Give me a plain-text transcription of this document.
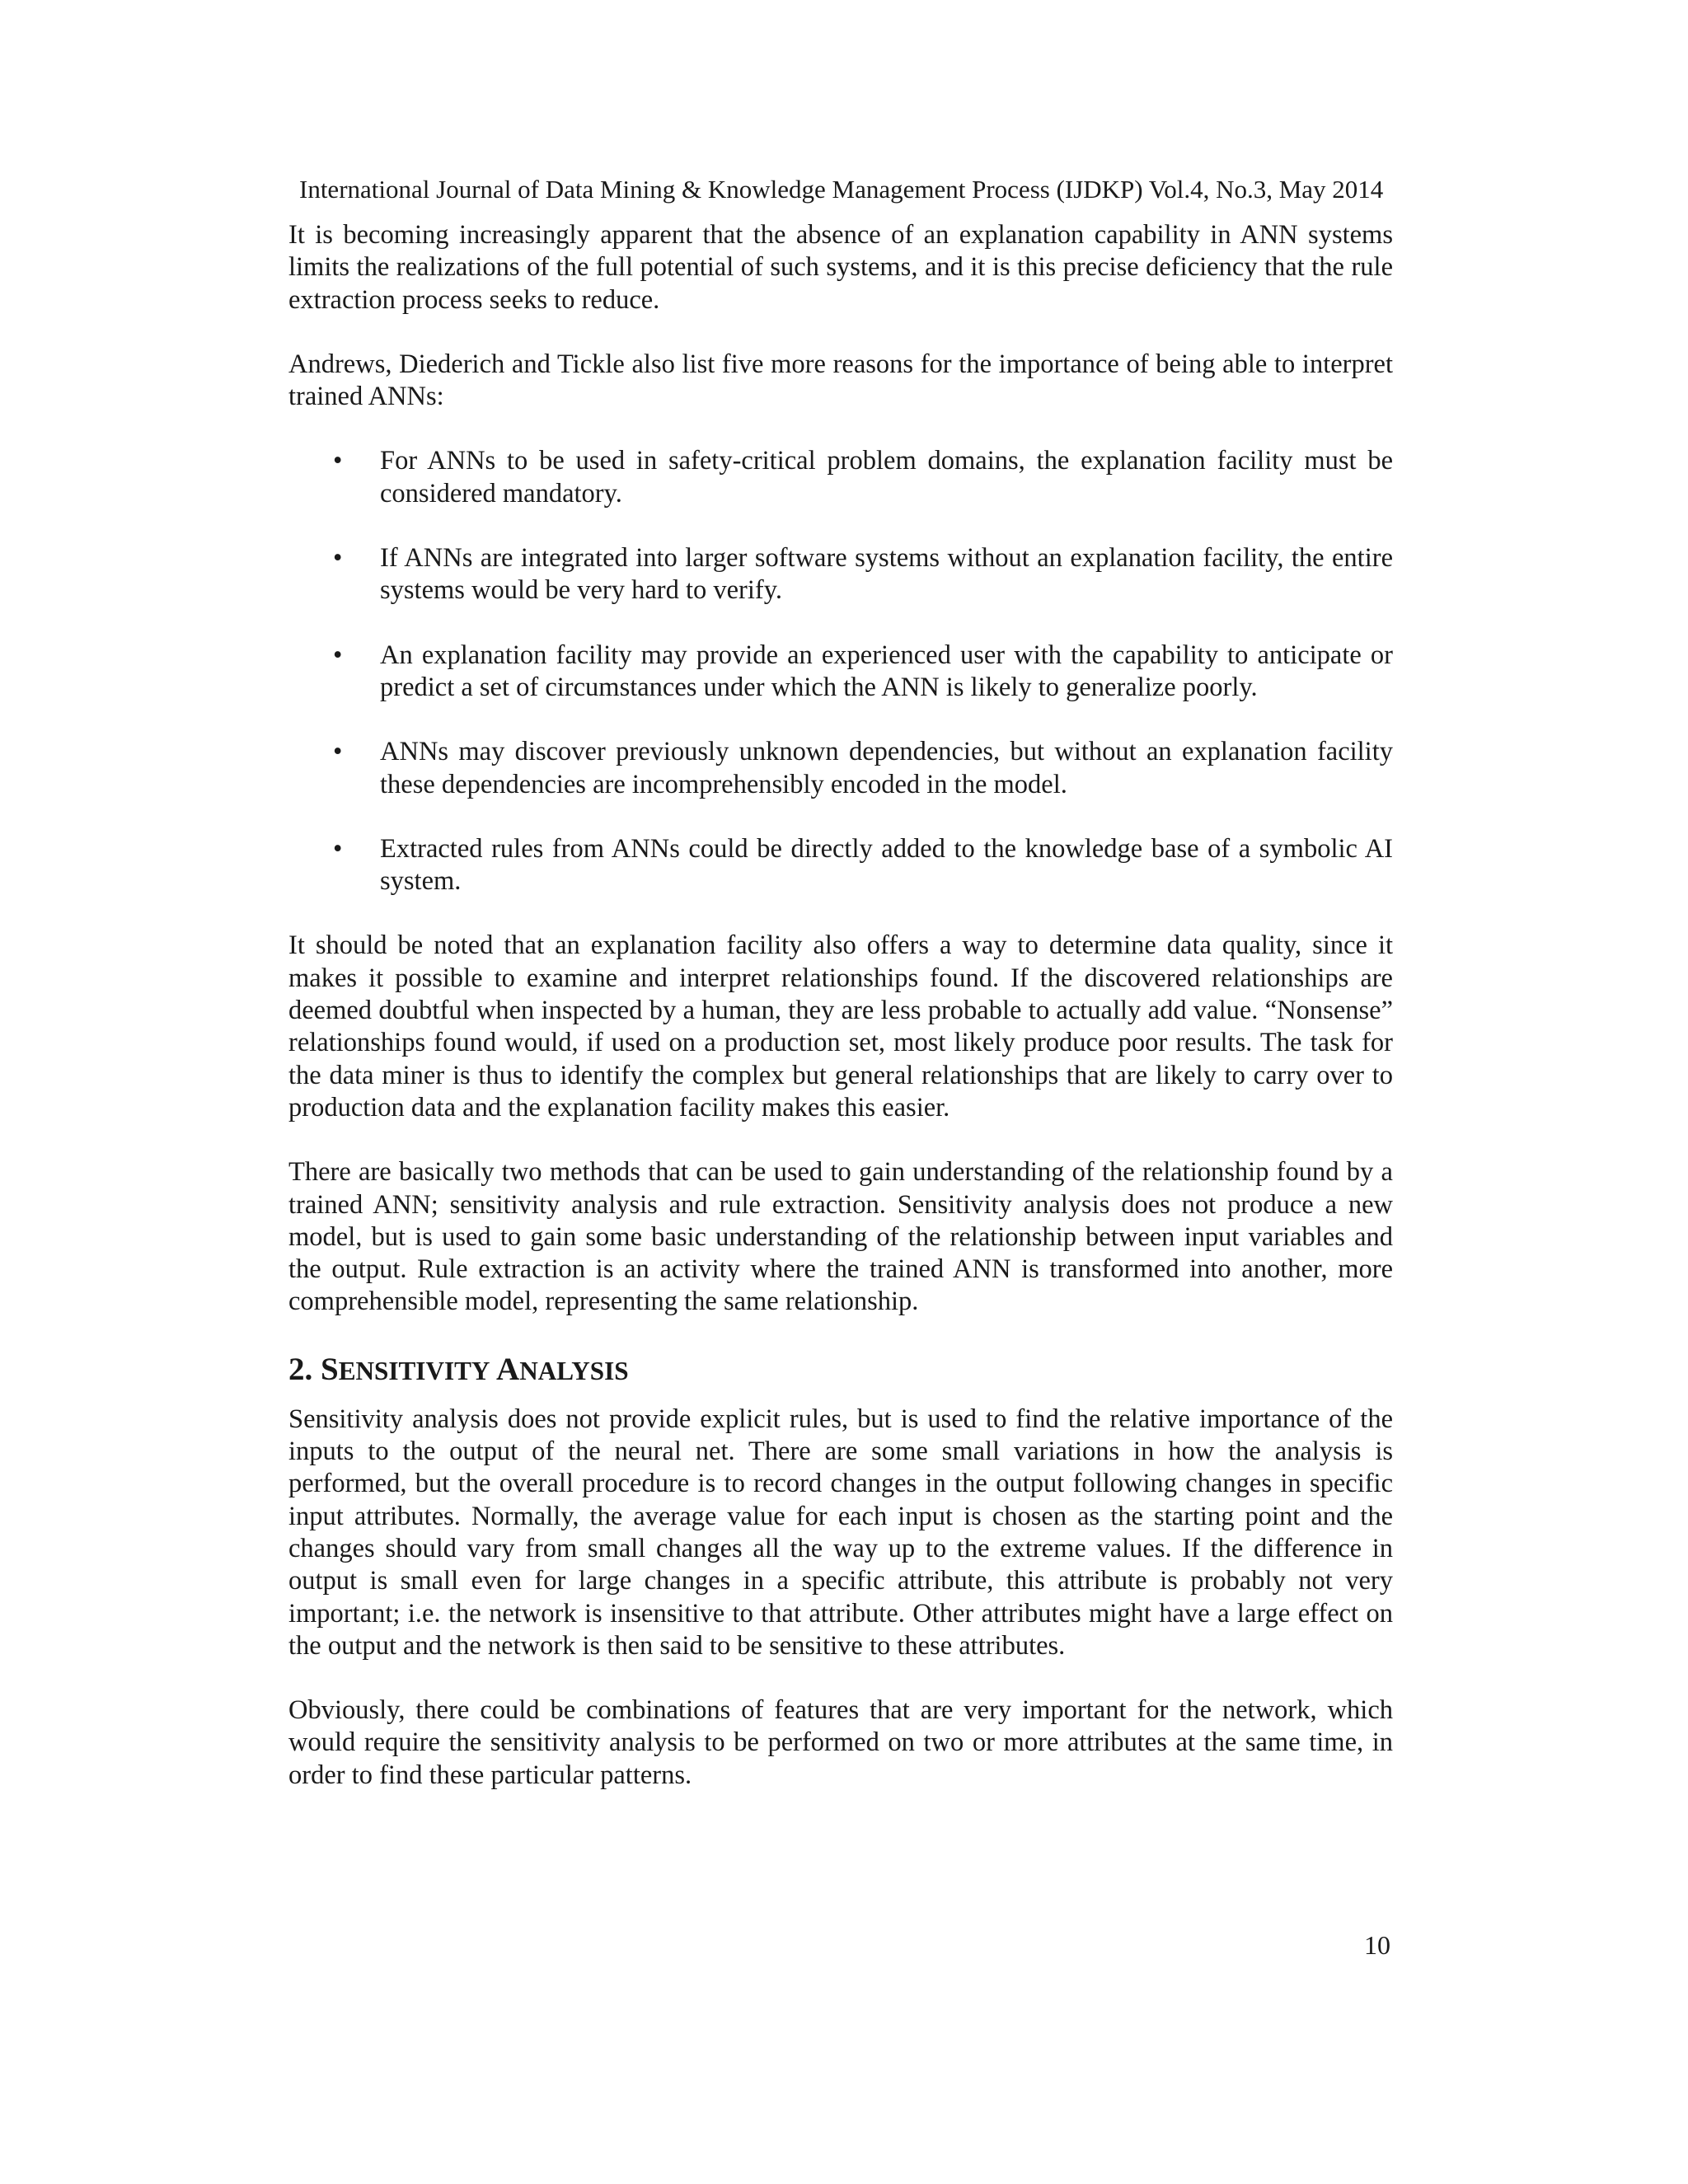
International Journal of Data Mining & Knowledge Management Process (IJDKP) Vol.4, No.3, May 2014

It is becoming increasingly apparent that the absence of an explanation capability in ANN systems limits the realizations of the full potential of such systems, and it is this precise deficiency that the rule extraction process seeks to reduce.

Andrews, Diederich and Tickle also list five more reasons for the importance of being able to interpret trained ANNs:

• For ANNs to be used in safety-critical problem domains, the explanation facility must be considered mandatory.
• If ANNs are integrated into larger software systems without an explanation facility, the entire systems would be very hard to verify.
• An explanation facility may provide an experienced user with the capability to anticipate or predict a set of circumstances under which the ANN is likely to generalize poorly.
• ANNs may discover previously unknown dependencies, but without an explanation facility these dependencies are incomprehensibly encoded in the model.
• Extracted rules from ANNs could be directly added to the knowledge base of a symbolic AI system.

It should be noted that an explanation facility also offers a way to determine data quality, since it makes it possible to examine and interpret relationships found. If the discovered relationships are deemed doubtful when inspected by a human, they are less probable to actually add value. “Nonsense” relationships found would, if used on a production set, most likely produce poor results. The task for the data miner is thus to identify the complex but general relationships that are likely to carry over to production data and the explanation facility makes this easier.

There are basically two methods that can be used to gain understanding of the relationship found by a trained ANN; sensitivity analysis and rule extraction. Sensitivity analysis does not produce a new model, but is used to gain some basic understanding of the relationship between input variables and the output. Rule extraction is an activity where the trained ANN is transformed into another, more comprehensible model, representing the same relationship.

2. SENSITIVITY ANALYSIS

Sensitivity analysis does not provide explicit rules, but is used to find the relative importance of the inputs to the output of the neural net. There are some small variations in how the analysis is performed, but the overall procedure is to record changes in the output following changes in specific input attributes. Normally, the average value for each input is chosen as the starting point and the changes should vary from small changes all the way up to the extreme values. If the difference in output is small even for large changes in a specific attribute, this attribute is probably not very important; i.e. the network is insensitive to that attribute. Other attributes might have a large effect on the output and the network is then said to be sensitive to these attributes.

Obviously, there could be combinations of features that are very important for the network, which would require the sensitivity analysis to be performed on two or more attributes at the same time, in order to find these particular patterns.

10
